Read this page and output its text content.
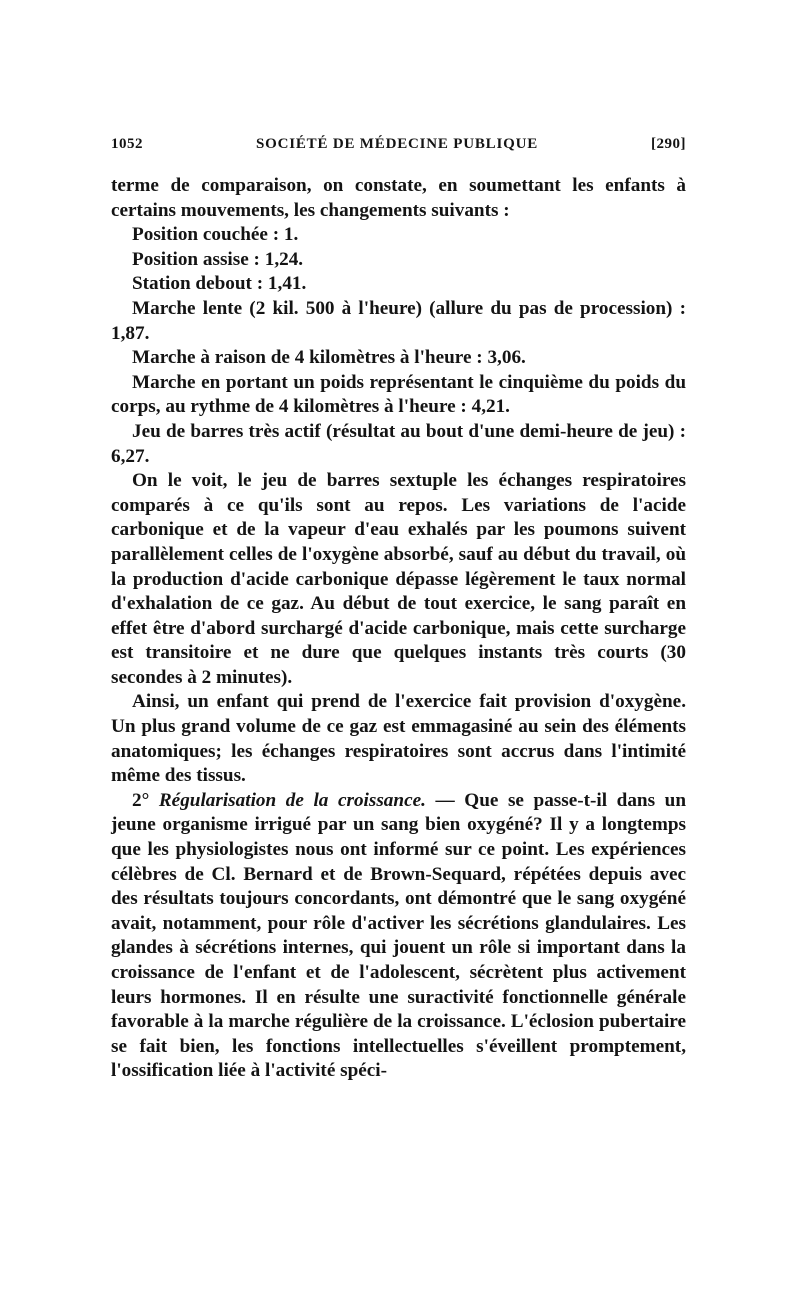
1052	SOCIÉTÉ DE MÉDECINE PUBLIQUE	[290]

terme de comparaison, on constate, en soumettant les enfants à certains mouvements, les changements suivants :

Position couchée : 1.

Position assise : 1,24.

Station debout : 1,41.

Marche lente (2 kil. 500 à l'heure) (allure du pas de procession) : 1,87.

Marche à raison de 4 kilomètres à l'heure : 3,06.

Marche en portant un poids représentant le cinquième du poids du corps, au rythme de 4 kilomètres à l'heure : 4,21.

Jeu de barres très actif (résultat au bout d'une demi-heure de jeu) : 6,27.

On le voit, le jeu de barres sextuple les échanges respiratoires comparés à ce qu'ils sont au repos. Les variations de l'acide carbonique et de la vapeur d'eau exhalés par les poumons suivent parallèlement celles de l'oxygène absorbé, sauf au début du travail, où la production d'acide carbonique dépasse légèrement le taux normal d'exhalation de ce gaz. Au début de tout exercice, le sang paraît en effet être d'abord surchargé d'acide carbonique, mais cette surcharge est transitoire et ne dure que quelques instants très courts (30 secondes à 2 minutes).

Ainsi, un enfant qui prend de l'exercice fait provision d'oxygène. Un plus grand volume de ce gaz est emmagasiné au sein des éléments anatomiques; les échanges respiratoires sont accrus dans l'intimité même des tissus.

2° Régularisation de la croissance. — Que se passe-t-il dans un jeune organisme irrigué par un sang bien oxygéné? Il y a longtemps que les physiologistes nous ont informé sur ce point. Les expériences célèbres de Cl. Bernard et de Brown-Sequard, répétées depuis avec des résultats toujours concordants, ont démontré que le sang oxygéné avait, notamment, pour rôle d'activer les sécrétions glandulaires. Les glandes à sécrétions internes, qui jouent un rôle si important dans la croissance de l'enfant et de l'adolescent, sécrètent plus activement leurs hormones. Il en résulte une suractivité fonctionnelle générale favorable à la marche régulière de la croissance. L'éclosion pubertaire se fait bien, les fonctions intellectuelles s'éveillent promptement, l'ossification liée à l'activité spéci-
